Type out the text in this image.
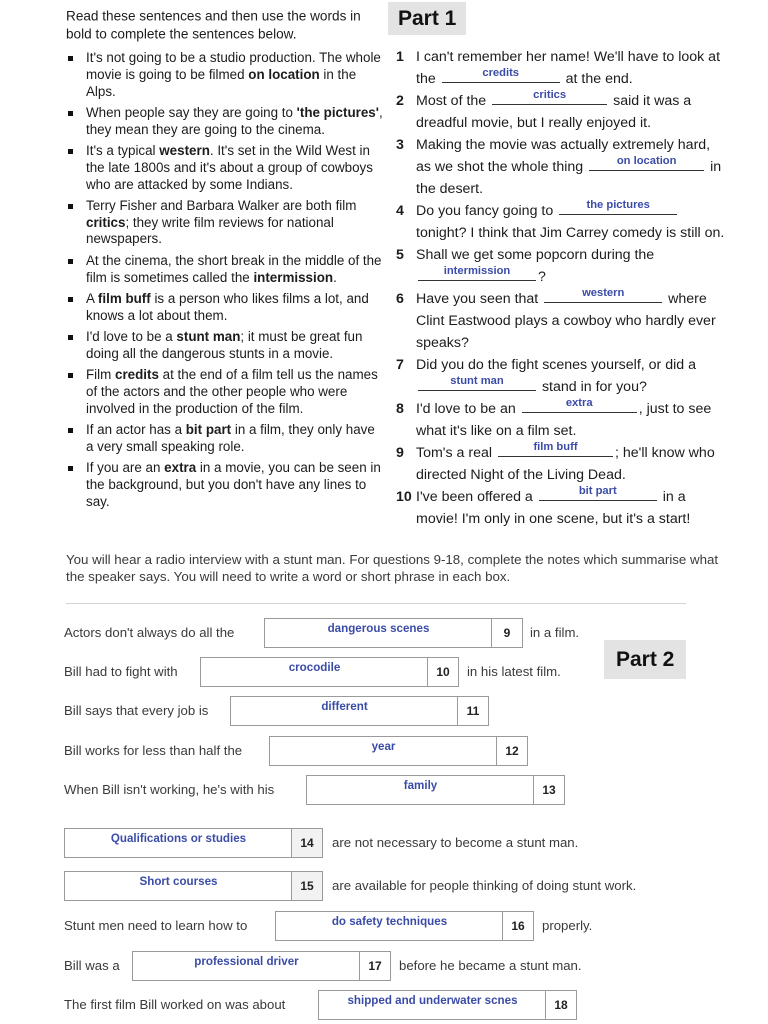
Read these sentences and then use the words in bold to complete the sentences below.
Part 1
It's not going to be a studio production. The whole movie is going to be filmed on location in the Alps.
When people say they are going to 'the pictures', they mean they are going to the cinema.
It's a typical western. It's set in the Wild West in the late 1800s and it's about a group of cowboys who are attacked by some Indians.
Terry Fisher and Barbara Walker are both film critics; they write film reviews for national newspapers.
At the cinema, the short break in the middle of the film is sometimes called the intermission.
A film buff is a person who likes films a lot, and knows a lot about them.
I'd love to be a stunt man; it must be great fun doing all the dangerous stunts in a movie.
Film credits at the end of a film tell us the names of the actors and the other people who were involved in the production of the film.
If an actor has a bit part in a film, they only have a very small speaking role.
If you are an extra in a movie, you can be seen in the background, but you don't have any lines to say.
1 I can't remember her name! We'll have to look at the	credits	at the end.
2 Most of the	critics	said it was a dreadful movie, but I really enjoyed it.
3 Making the movie was actually extremely hard, as we shot the whole thing	on location	in the desert.
4 Do you fancy going to	the pictures
tonight? I think that Jim Carrey comedy is still on.
5 Shall we get some popcorn during the
intermission	?
6 Have you seen that	western	where Clint Eastwood plays a cowboy who hardly ever speaks?
7 Did you do the fight scenes yourself, or did a
stunt man	stand in for you?
8 I'd love to be an	extra	, just to see what it's like on a film set.
9 Tom's a real	film buff	; he'll know who directed Night of the Living Dead.
10 I've been offered a	bit part	in a movie! I'm only in one scene, but it's a start!
You will hear a radio interview with a stunt man. For questions 9-18, complete the notes which summarise what the speaker says. You will need to write a word or short phrase in each box.
Part 2
Actors don't always do all the	dangerous scenes	9	in a film.
Bill had to fight with	crocodile	10	in his latest film.
Bill says that every job is	different	11
Bill works for less than half the	year	12
When Bill isn't working, he's with his	family	13
Qualifications or studies	14	are not necessary to become a stunt man.
Short courses	15	are available for people thinking of doing stunt work.
Stunt men need to learn how to	do safety techniques	16	properly.
Bill was a	professional driver	17	before he became a stunt man.
The first film Bill worked on was about	shipped and underwater scnes	18
